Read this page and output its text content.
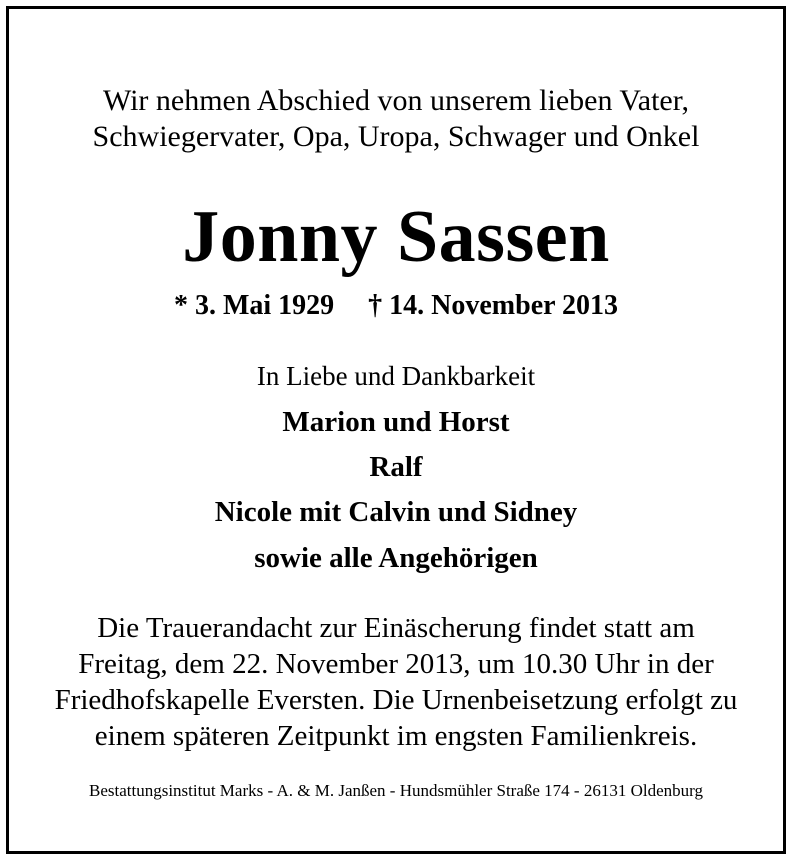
Wir nehmen Abschied von unserem lieben Vater,
Schwiegervater, Opa, Uropa, Schwager und Onkel
Jonny Sassen
* 3. Mai 1929 † 14. November 2013
In Liebe und Dankbarkeit
Marion und Horst
Ralf
Nicole mit Calvin und Sidney
sowie alle Angehörigen
Die Trauerandacht zur Einäscherung findet statt am
Freitag, dem 22. November 2013, um 10.30 Uhr in der
Friedhofskapelle Eversten. Die Urnenbeisetzung erfolgt zu
einem späteren Zeitpunkt im engsten Familienkreis.
Bestattungsinstitut Marks - A. & M. Janßen - Hundsmühler Straße 174 - 26131 Oldenburg
